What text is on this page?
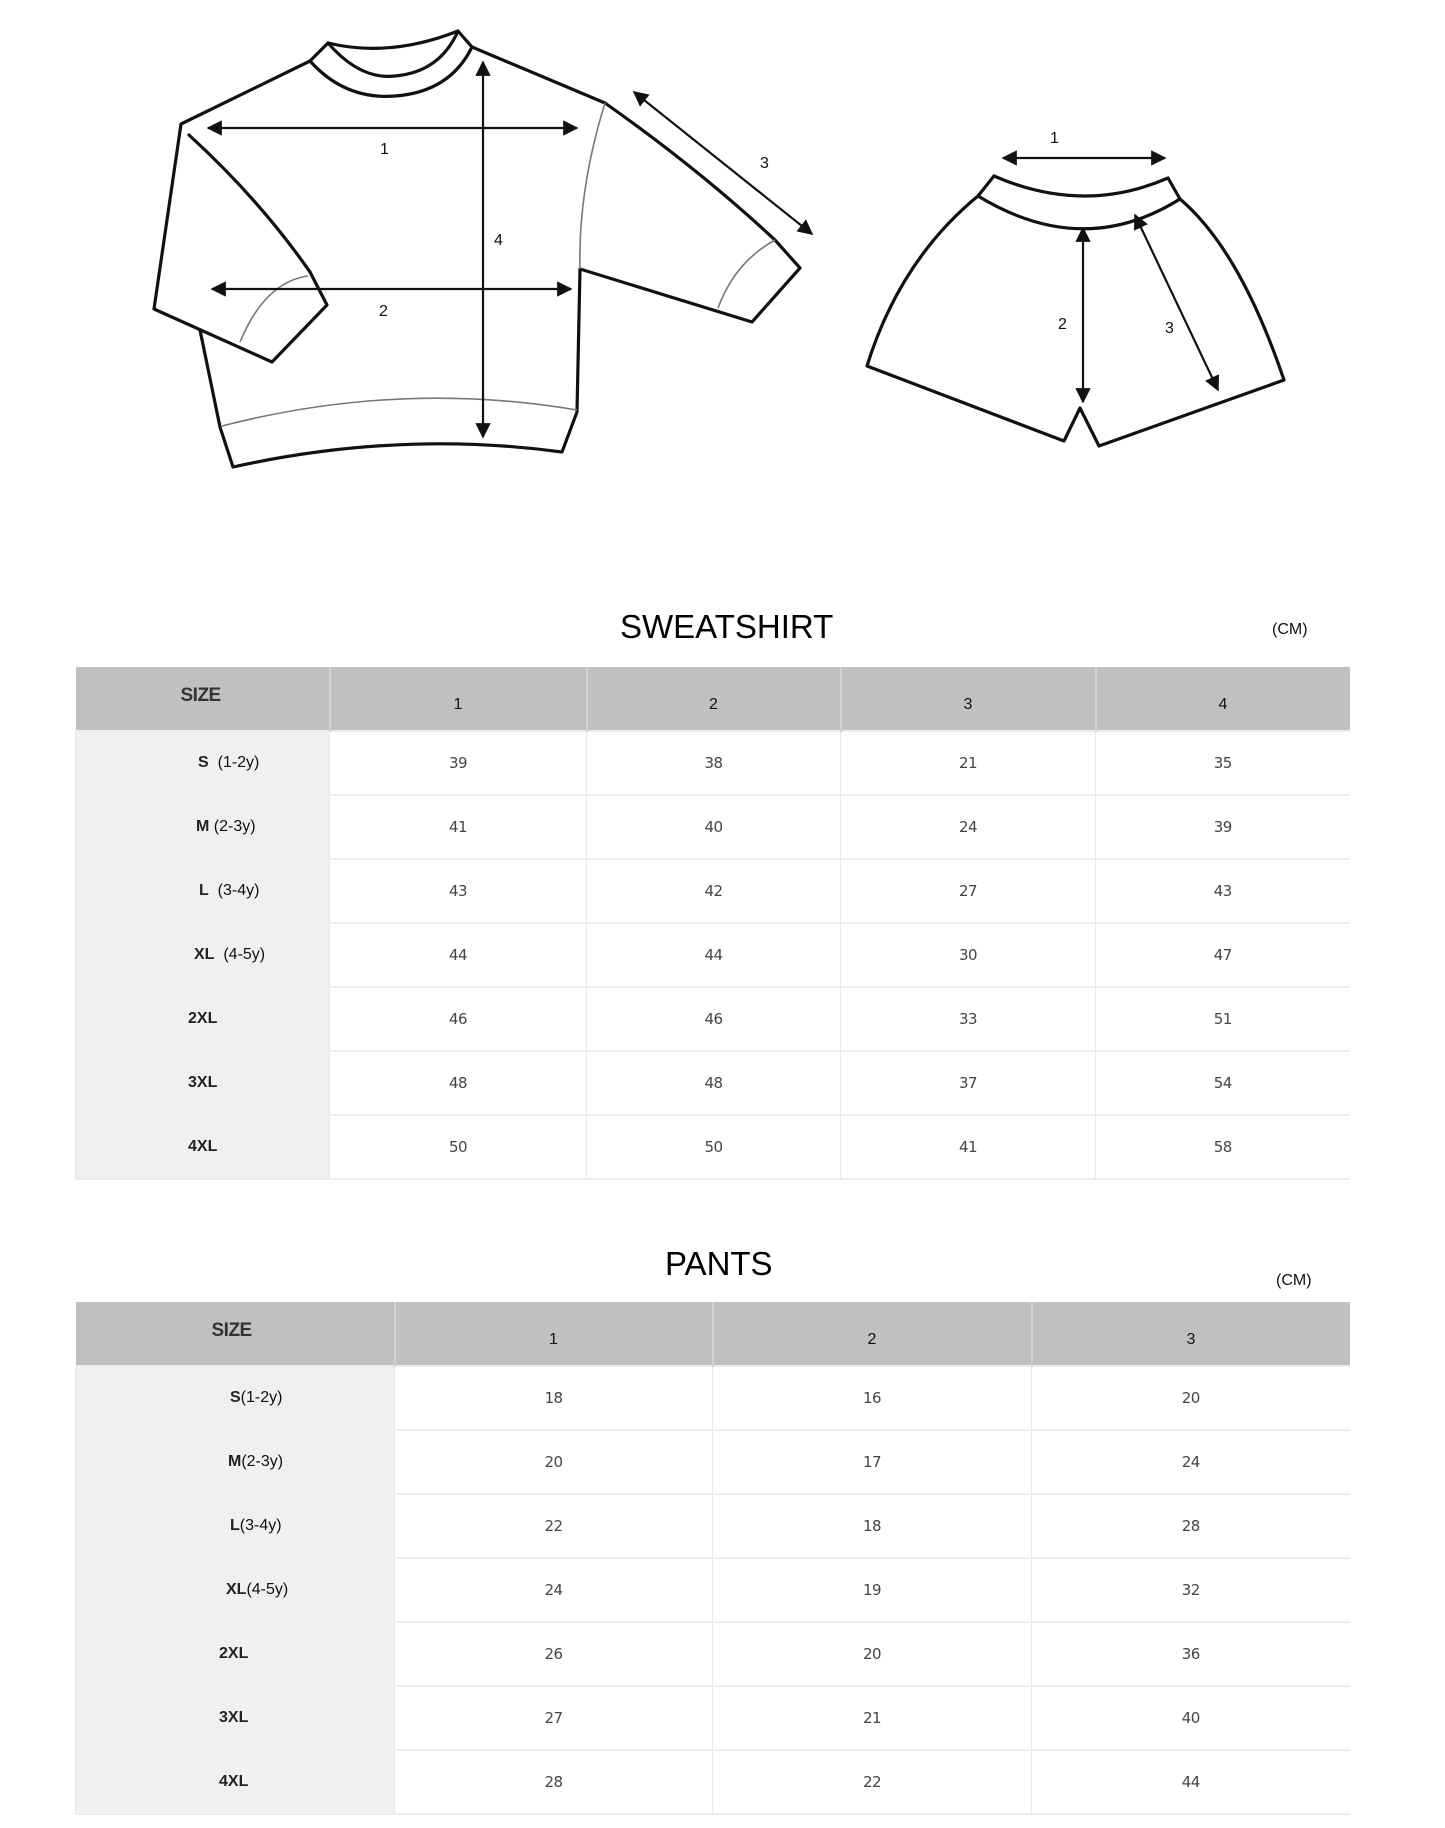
1
2
3
4
1
2	3
SWEATSHIRT	(CM)
SIZE	1	2	3	4
S (1-2y)	39	38	21	35
M (2-3y)	41	40	24	39
L (3-4y)	43	42	27	43
XL (4-5y)	44	44	30	47
2XL	46	46	33	51
3XL	48	48	37	54
4XL	50	50	41	58
PANTS	(CM)
SIZE	1	2	3
S(1-2y)	18	16	20
M(2-3y)	20	17	24
L(3-4y)	22	18	28
XL(4-5y)	24	19	32
2XL	26	20	36
3XL	27	21	40
4XL	28	22	44
